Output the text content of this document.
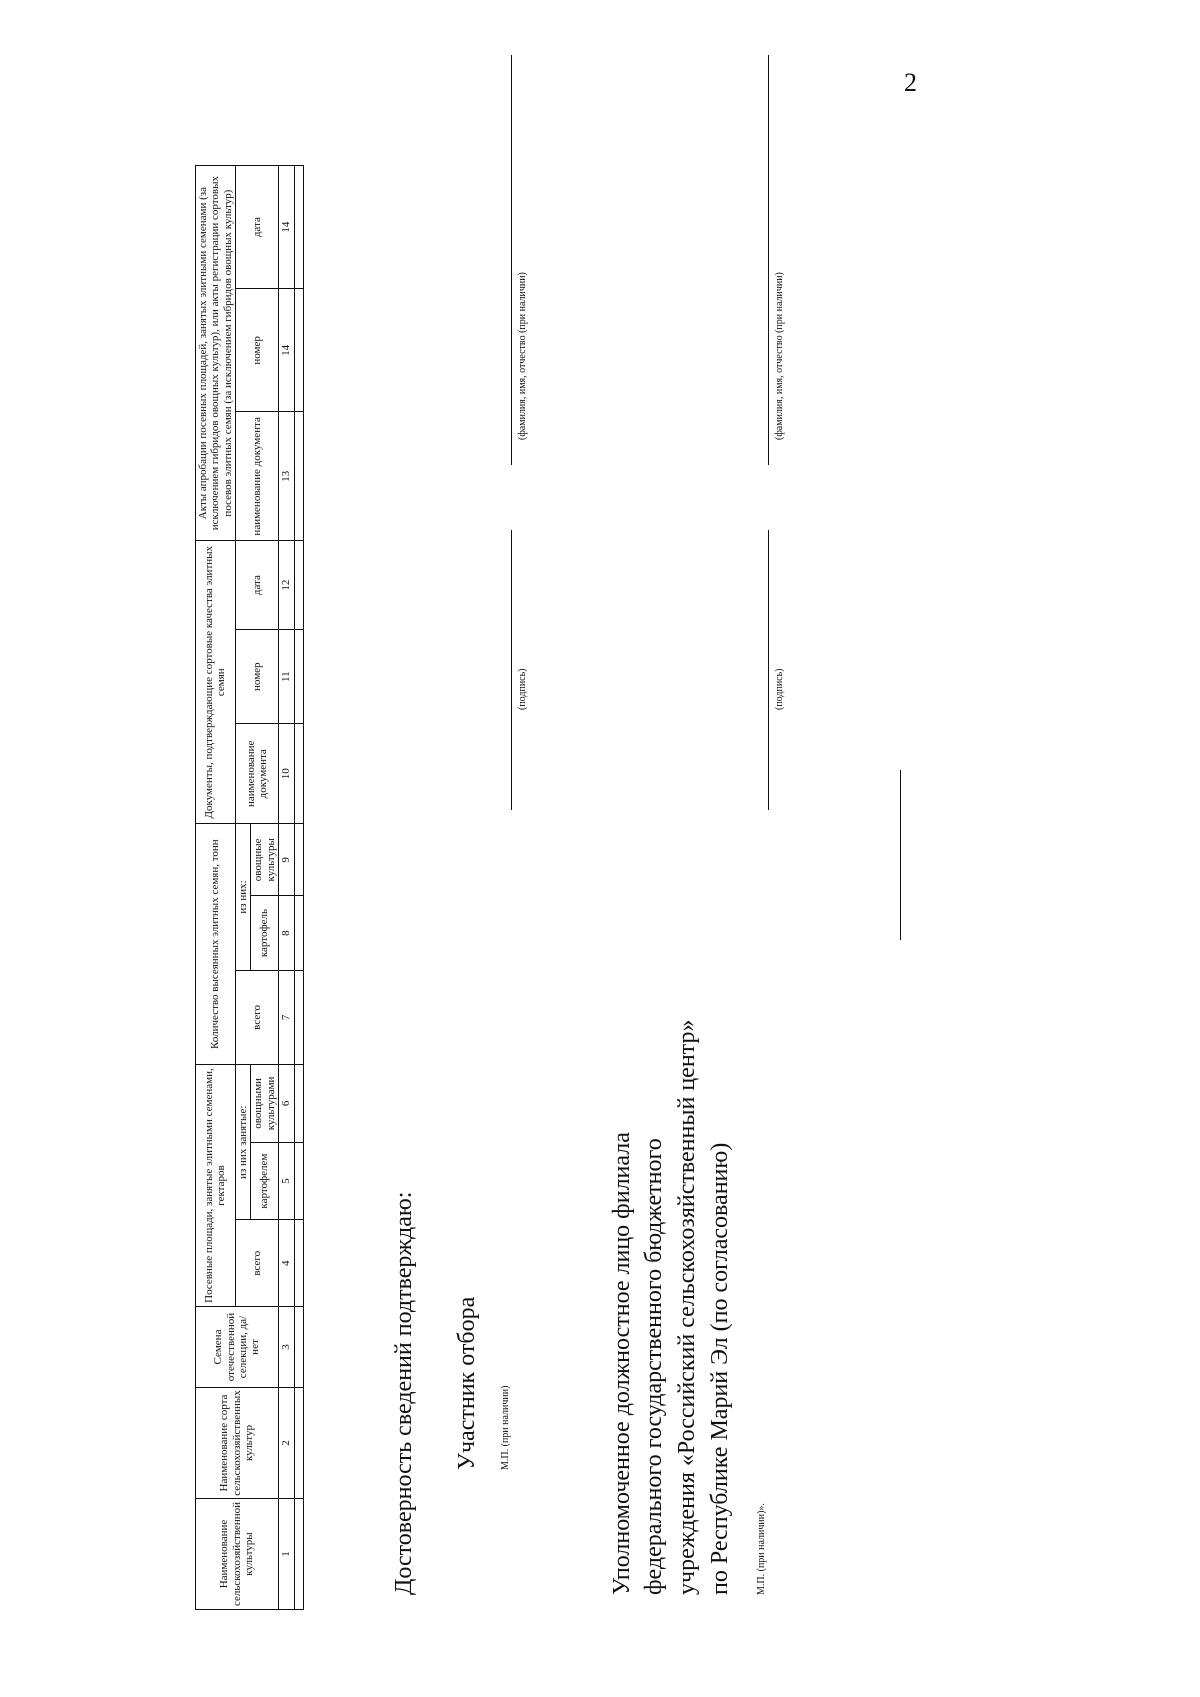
2
Наименование сельскохозяйственной культуры	Наименование сорта сельскохозяйственных культур	Семена отечественной селекции, да/нет	Посевные площади, занятые элитными семенами, гектаров			Количество высеянных элитных семян, тонн			Документы, подтверждающие сортовые качества элитных семян			Акты апробации посевных площадей, занятых элитными семенами (за исключением гибридов овощных культур), или акты регистрации сортовых посевов элитных семян (за исключением гибридов овощных культур)		
			всего	из них занятые:		всего	из них:		наименование документа	номер	дата	наименование документа	номер	дата
				картофелем	овощными культурами		картофель	овощные культуры						
1	2	3	4	5	6	7	8	9	10	11	12	13	14	14

Достоверность сведений подтверждаю: Участник отбора	М.П. (при наличии)
(подпись)
(фамилия, имя, отчество (при наличии)
Уполномоченное должностное лицо филиала федерального государственного бюджетного учреждения «Российский сельскохозяйственный центр» по Республике Марий Эл (по согласованию)	М.П. (при наличии)».
(подпись)
(фамилия, имя, отчество (при наличии)
